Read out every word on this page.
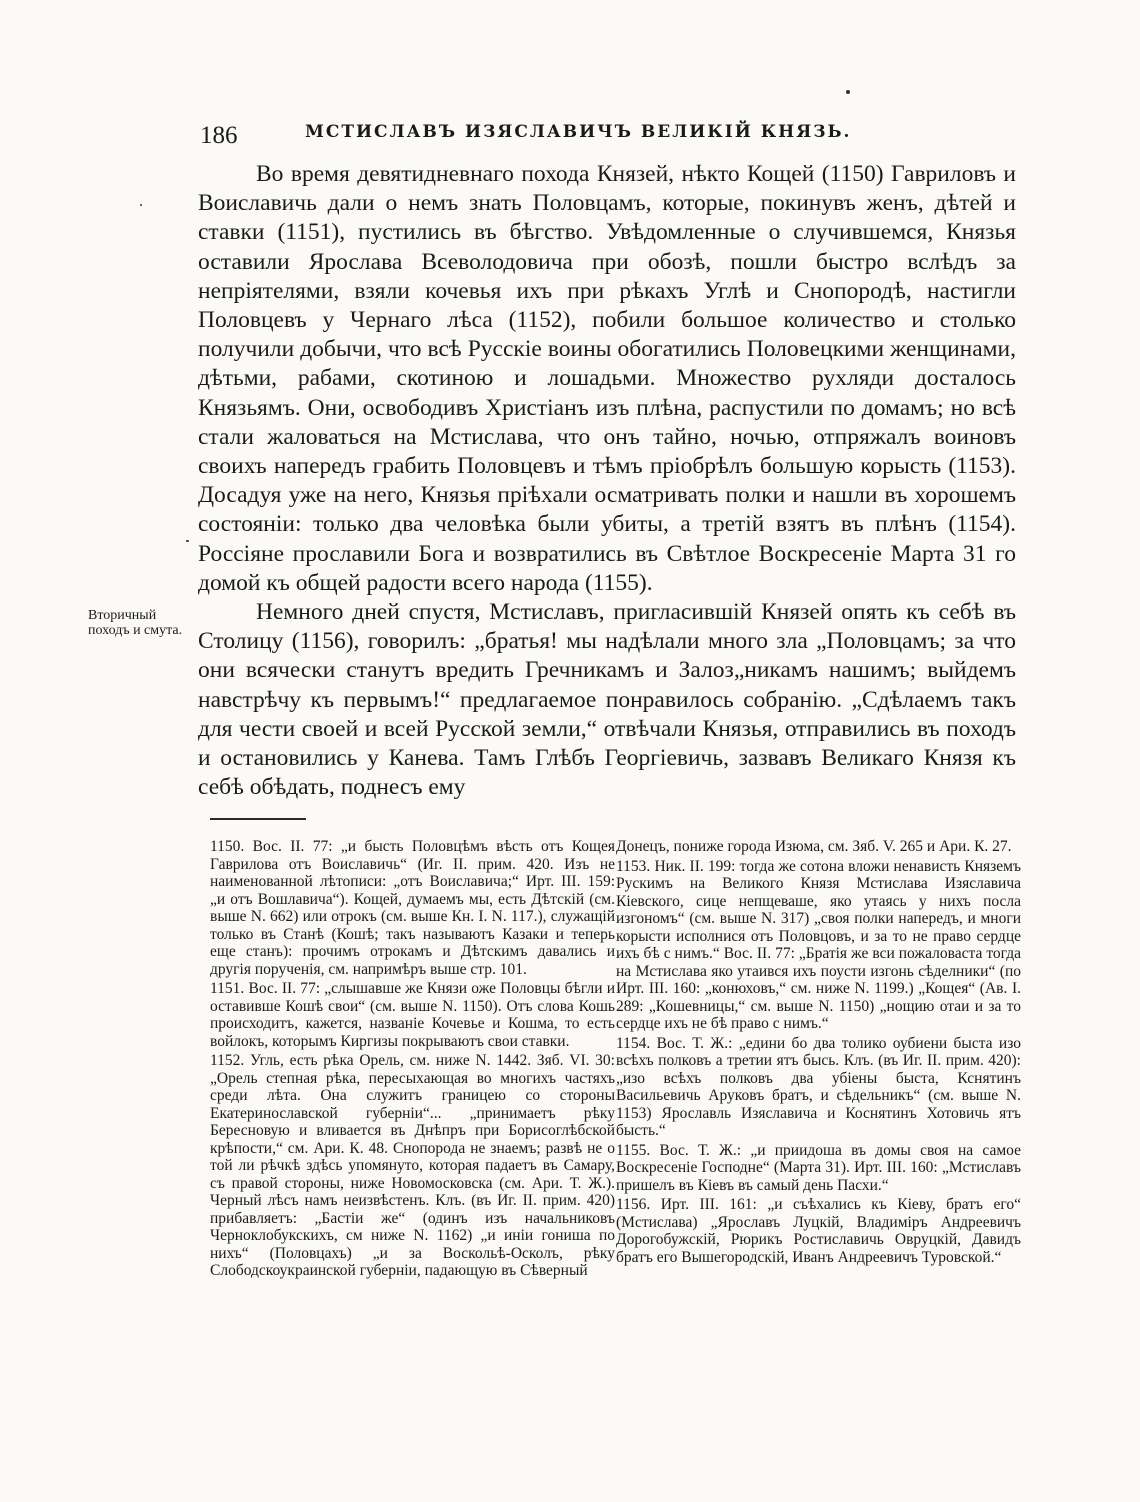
186	МСТИСЛАВЪ ИЗЯСЛАВИЧЪ ВЕЛИКІЙ КНЯЗЬ.
Вторичный походъ и смута.

Во время девятидневнаго похода Князей, нѣкто Кощей (1150) Гавриловъ и Воиславичь дали о немъ знать Половцамъ, которые, покинувъ женъ, дѣтей и ставки (1151), пустились въ бѣгство. Увѣдомленные о случившемся, Князья оставили Ярослава Всеволодовича при обозѣ, пошли быстро вслѣдъ за непріятелями, взяли кочевья ихъ при рѣкахъ Углѣ и Снопородѣ, настигли Половцевъ у Чернаго лѣса (1152), побили большое количество и столько получили добычи, что всѣ Русскіе воины обогатились Половецкими женщинами, дѣтьми, рабами, скотиною и лошадьми. Множество рухляди досталось Князьямъ. Они, освободивъ Христіанъ изъ плѣна, распустили по домамъ; но всѣ стали жаловаться на Мстислава, что онъ тайно, ночью, отпряжалъ воиновъ своихъ напередъ грабить Половцевъ и тѣмъ пріобрѣлъ большую корысть (1153). Досадуя уже на него, Князья пріѣхали осматривать полки и нашли въ хорошемъ состояніи: только два человѣка были убиты, а третій взятъ въ плѣнъ (1154). Россіяне прославили Бога и возвратились въ Свѣтлое Воскресеніе Марта 31 го домой къ общей радости всего народа (1155).

Немного дней спустя, Мстиславъ, пригласившій Князей опять къ себѣ въ Столицу (1156), говорилъ: „братья! мы надѣлали много зла „Половцамъ; за что они всячески станутъ вредить Гречникамъ и Залоз„никамъ нашимъ; выйдемъ навстрѣчу къ первымъ!“ предлагаемое понравилось собранію. „Сдѣлаемъ такъ для чести своей и всей Русской земли,“ отвѣчали Князья, отправились въ походъ и остановились у Канева. Тамъ Глѣбъ Георгіевичь, зазвавъ Великаго Князя къ себѣ обѣдать, поднесъ ему

1150. Вос. II. 77: „и бысть Половцѣмъ вѣсть отъ Кощея Гаврилова отъ Воиславичь“ (Иг. II. прим. 420. Изъ не наименованной лѣтописи: „отъ Воиславича;“ Ирт. III. 159: „и отъ Вошлавича“). Кощей, думаемъ мы, есть Дѣтскій (см. выше N. 662) или отрокъ (см. выше Кн. I. N. 117.), служащій только въ Станѣ (Кошѣ; такъ называютъ Казаки и теперь еще станъ): прочимъ отрокамъ и Дѣтскимъ давались и другія порученія, см. напримѣръ выше стр. 101.

1151. Вос. II. 77: „слышавше же Князи оже Половцы бѣгли и оставивше Кошѣ свои“ (см. выше N. 1150). Отъ слова Кошь происходитъ, кажется, названіе Кочевье и Кошма, то есть войлокъ, которымъ Киргизы покрываютъ свои ставки.

1152. Угль, есть рѣка Орель, см. ниже N. 1442. Зяб. VI. 30: „Орель степная рѣка, пересыхающая во многихъ частяхъ среди лѣта. Она служитъ границею со стороны Екатеринославской губерніи“... „принимаетъ рѣку Бересновую и вливается въ Днѣпръ при Борисоглѣбской крѣпости,“ см. Ари. К. 48. Снопорода не знаемъ; развѣ не о той ли рѣчкѣ здѣсь упомянуто, которая падаетъ въ Самару, съ правой стороны, ниже Новомосковска (см. Ари. Т. Ж.). Черный лѣсъ намъ неизвѣстенъ. Клъ. (въ Иг. II. прим. 420) прибавляетъ: „Бастіи же“ (одинъ изъ начальниковъ Черноклобукскихъ, см ниже N. 1162) „и иніи гониша по нихъ“ (Половцахъ) „и за Воскольѣ-Осколъ, рѣку Слободскоукраинской губерніи, падающую въ Сѣверный

Донецъ, пониже города Изюма, см. Зяб. V. 265 и Ари. К. 27.

1153. Ник. II. 199: тогда же сотона вложи ненависть Княземъ Рускимъ на Великого Князя Мстислава Изяславича Кіевского, сице непщеваше, яко утаясь у нихъ посла изгономъ“ (см. выше N. 317) „своя полки напередъ, и многи корысти исполнися отъ Половцовъ, и за то не право сердце ихъ бѣ с нимъ.“ Вос. II. 77: „Братія же вси пожаловаста тогда на Мстислава яко утаився ихъ поусти изгонь сѣделники“ (по Ирт. III. 160: „конюховъ,“ см. ниже N. 1199.) „Кощея“ (Ав. I. 289: „Кошевницы,“ см. выше N. 1150) „нощию отаи и за то сердце ихъ не бѣ право с нимъ.“

1154. Вос. Т. Ж.: „едини бо два толико оубиени быста изо всѣхъ полковъ а третии ятъ бысь. Клъ. (въ Иг. II. прим. 420): „изо всѣхъ полковъ два убіены быста, Кснятинъ Васильевичь Аруковъ братъ, и сѣдельникъ“ (см. выше N. 1153) Ярославль Изяславича и Коснятинъ Хотовичь ятъ бысть.“

1155. Вос. Т. Ж.: „и приидоша въ домы своя на самое Воскресеніе Господне“ (Марта 31). Ирт. III. 160: „Мстиславъ пришелъ въ Кіевъ въ самый день Пасхи.“

1156. Ирт. III. 161: „и съѣхались къ Кіеву, братъ его“ (Мстислава) „Ярославъ Луцкій, Владиміръ Андреевичъ Дорогобужскій, Рюрикъ Ростиславичь Овруцкій, Давидъ братъ его Вышегородскій, Иванъ Андреевичъ Туровской.“
